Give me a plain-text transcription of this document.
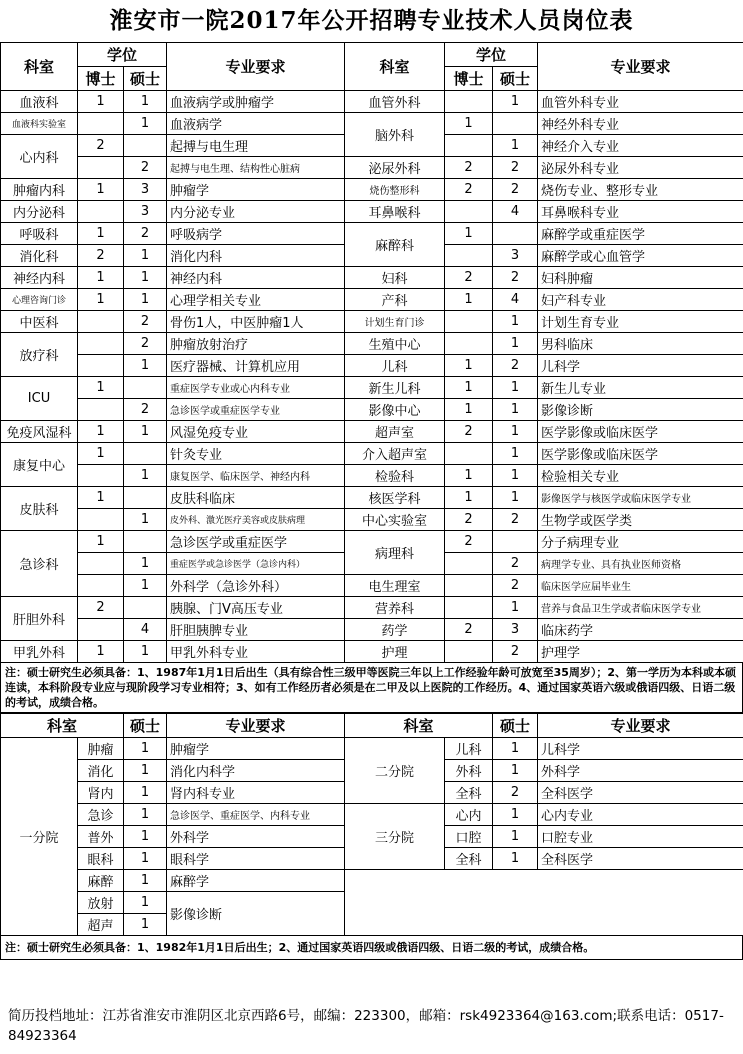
淮安市一院2017年公开招聘专业技术人员岗位表
科室	学位		专业要求	科室	学位		专业要求
	博士	硕士			博士	硕士	
血液科	1	1	血液病学或肿瘤学	血管外科		1	血管外科专业
血液科实验室		1	血液病学	脑外科	1		神经外科专业
心内科	2		起搏与电生理			1	神经介入专业
		2	起搏与电生理、结构性心脏病	泌尿外科	2	2	泌尿外科专业
肿瘤内科	1	3	肿瘤学	烧伤整形科	2	2	烧伤专业、整形专业
内分泌科		3	内分泌专业	耳鼻喉科		4	耳鼻喉科专业
呼吸科	1	2	呼吸病学	麻醉科	1		麻醉学或重症医学
消化科	2	1	消化内科			3	麻醉学或心血管学
神经内科	1	1	神经内科	妇科	2	2	妇科肿瘤
心理咨询门诊	1	1	心理学相关专业	产科	1	4	妇产科专业
中医科		2	骨伤1人，中医肿瘤1人	计划生育门诊		1	计划生育专业
放疗科		2	肿瘤放射治疗	生殖中心		1	男科临床
		1	医疗器械、计算机应用	儿科	1	2	儿科学
ICU	1		重症医学专业或心内科专业	新生儿科	1	1	新生儿专业
		2	急诊医学或重症医学专业	影像中心	1	1	影像诊断
免疫风湿科	1	1	风湿免疫专业	超声室	2	1	医学影像或临床医学
康复中心	1		针灸专业	介入超声室		1	医学影像或临床医学
		1	康复医学、临床医学、神经内科	检验科	1	1	检验相关专业
皮肤科	1		皮肤科临床	核医学科	1	1	影像医学与核医学或临床医学专业
		1	皮外科、激光医疗美容或皮肤病理	中心实验室	2	2	生物学或医学类
急诊科	1		急诊医学或重症医学	病理科	2		分子病理专业
		1	重症医学或急诊医学（急诊内科）			2	病理学专业、具有执业医师资格
		1	外科学（急诊外科）	电生理室		2	临床医学应届毕业生
肝胆外科	2		胰腺、门V高压专业	营养科		1	营养与食品卫生学或者临床医学专业
		4	肝胆胰脾专业	药学	2	3	临床药学
甲乳外科	1	1	甲乳外科专业	护理		2	护理学
注：硕士研究生必须具备：1、1987年1月1日后出生（具有综合性三级甲等医院三年以上工作经验年龄可放宽至35周岁）；2、第一学历为本科或本硕连读，本科阶段专业应与现阶段学习专业相符；3、如有工作经历者必须是在二甲及以上医院的工作经历。4、通过国家英语六级或俄语四级、日语二级的考试，成绩合格。
科室		硕士	专业要求	科室		硕士	专业要求
一分院	肿瘤	1	肿瘤学	二分院	儿科	1	儿科学
	消化	1	消化内科学		外科	1	外科学
	肾内	1	肾内科专业		全科	2	全科医学
	急诊	1	急诊医学、重症医学、内科专业	三分院	心内	1	心内专业
	普外	1	外科学		口腔	1	口腔专业
	眼科	1	眼科学		全科	1	全科医学
	麻醉	1	麻醉学				
	放射	1	影像诊断				
	超声	1					
注：硕士研究生必须具备：1、1982年1月1日后出生；2、通过国家英语四级或俄语四级、日语二级的考试，成绩合格。
简历投档地址：江苏省淮安市淮阴区北京西路6号，邮编：223300，邮箱：rsk4923364@163.com;联系电话：0517-84923364
